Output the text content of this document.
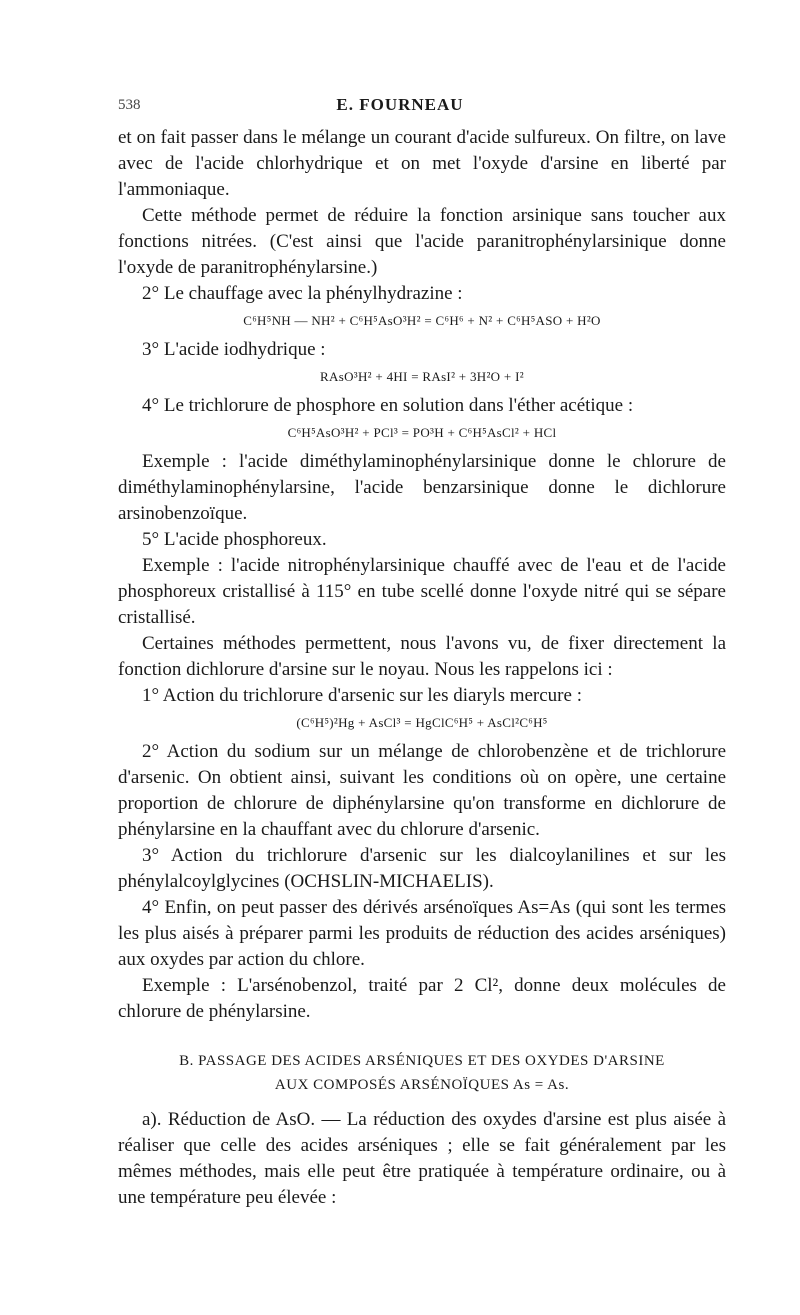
538	E. FOURNEAU

et on fait passer dans le mélange un courant d'acide sulfureux. On filtre, on lave avec de l'acide chlorhydrique et on met l'oxyde d'arsine en liberté par l'ammoniaque.

Cette méthode permet de réduire la fonction arsinique sans toucher aux fonctions nitrées. (C'est ainsi que l'acide paranitrophénylarsinique donne l'oxyde de paranitrophénylarsine.)

2° Le chauffage avec la phénylhydrazine :

C⁶H⁵NH — NH² + C⁶H⁵AsO³H² = C⁶H⁶ + N² + C⁶H⁵ASO + H²O

3° L'acide iodhydrique :

RAsO³H² + 4HI = RAsI² + 3H²O + I²

4° Le trichlorure de phosphore en solution dans l'éther acétique :

C⁶H⁵AsO³H² + PCl³ = PO³H + C⁶H⁵AsCl² + HCl

Exemple : l'acide diméthylaminophénylarsinique donne le chlorure de diméthylaminophénylarsine, l'acide benzarsinique donne le dichlorure arsinobenzoïque.

5° L'acide phosphoreux.

Exemple : l'acide nitrophénylarsinique chauffé avec de l'eau et de l'acide phosphoreux cristallisé à 115° en tube scellé donne l'oxyde nitré qui se sépare cristallisé.

Certaines méthodes permettent, nous l'avons vu, de fixer directement la fonction dichlorure d'arsine sur le noyau. Nous les rappelons ici :

1° Action du trichlorure d'arsenic sur les diaryls mercure :

(C⁶H⁵)²Hg + AsCl³ = HgClC⁶H⁵ + AsCl²C⁶H⁵

2° Action du sodium sur un mélange de chlorobenzène et de trichlorure d'arsenic. On obtient ainsi, suivant les conditions où on opère, une certaine proportion de chlorure de diphénylarsine qu'on transforme en dichlorure de phénylarsine en la chauffant avec du chlorure d'arsenic.

3° Action du trichlorure d'arsenic sur les dialcoylanilines et sur les phénylalcoylglycines (OCHSLIN-MICHAELIS).

4° Enfin, on peut passer des dérivés arsénoïques As=As (qui sont les termes les plus aisés à préparer parmi les produits de réduction des acides arséniques) aux oxydes par action du chlore.

Exemple : L'arsénobenzol, traité par 2 Cl², donne deux molécules de chlorure de phénylarsine.

B. PASSAGE DES ACIDES ARSÉNIQUES ET DES OXYDES D'ARSINE
AUX COMPOSÉS ARSÉNOÏQUES As = As.

a). Réduction de AsO. — La réduction des oxydes d'arsine est plus aisée à réaliser que celle des acides arséniques ; elle se fait généralement par les mêmes méthodes, mais elle peut être pratiquée à température ordinaire, ou à une température peu élevée :
